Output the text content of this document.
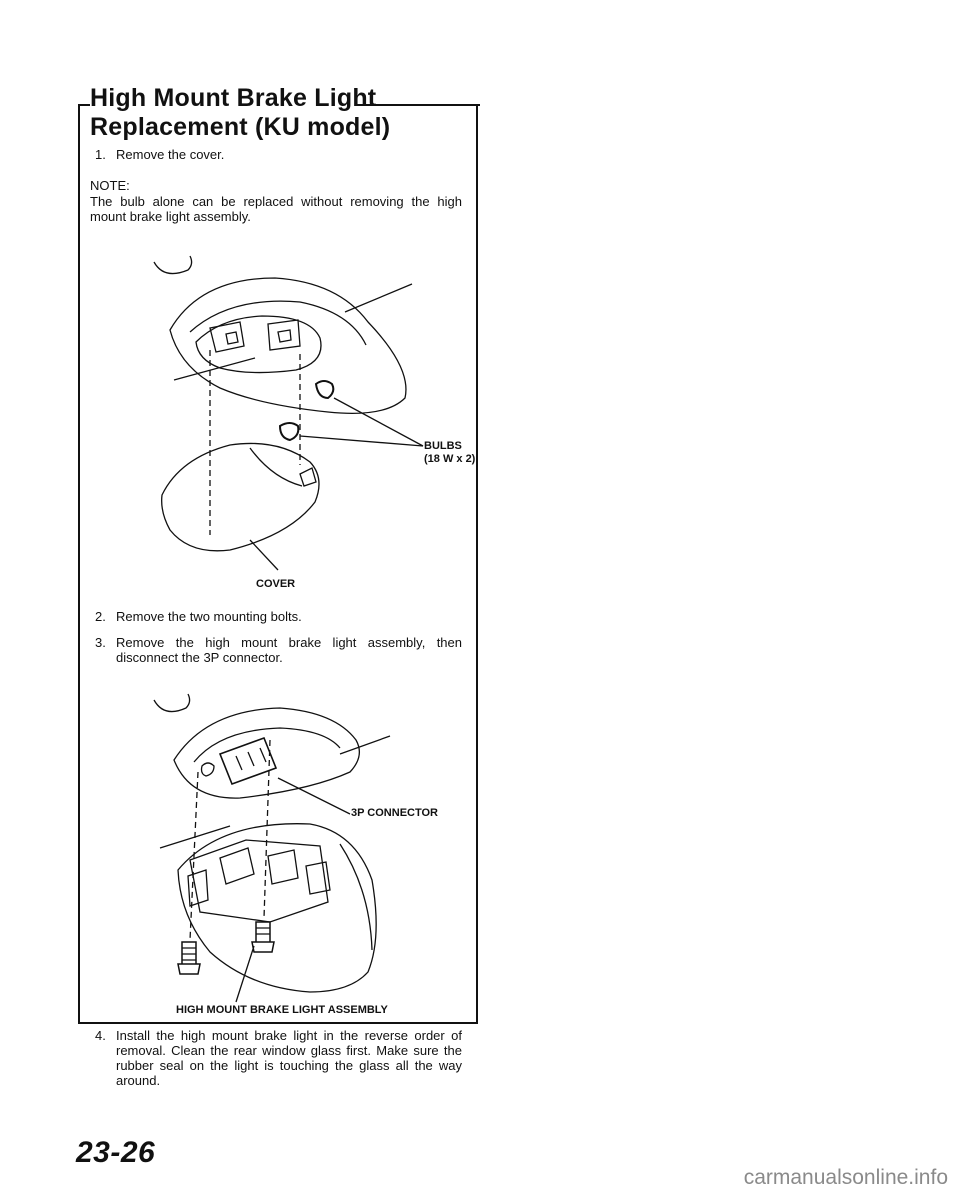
High Mount Brake Light
Replacement (KU model)
1. Remove the cover.

NOTE:

The bulb alone can be replaced without removing the high mount brake light assembly.

BULBS
(18 W x 2)
COVER
2. Remove the two mounting bolts.

3. Remove the high mount brake light assembly, then disconnect the 3P connector.

3P CONNECTOR
HIGH MOUNT BRAKE LIGHT ASSEMBLY
4. Install the high mount brake light in the reverse order of removal. Clean the rear window glass first. Make sure the rubber seal on the light is touching the glass all the way around.

23-26
carmanualsonline.info
